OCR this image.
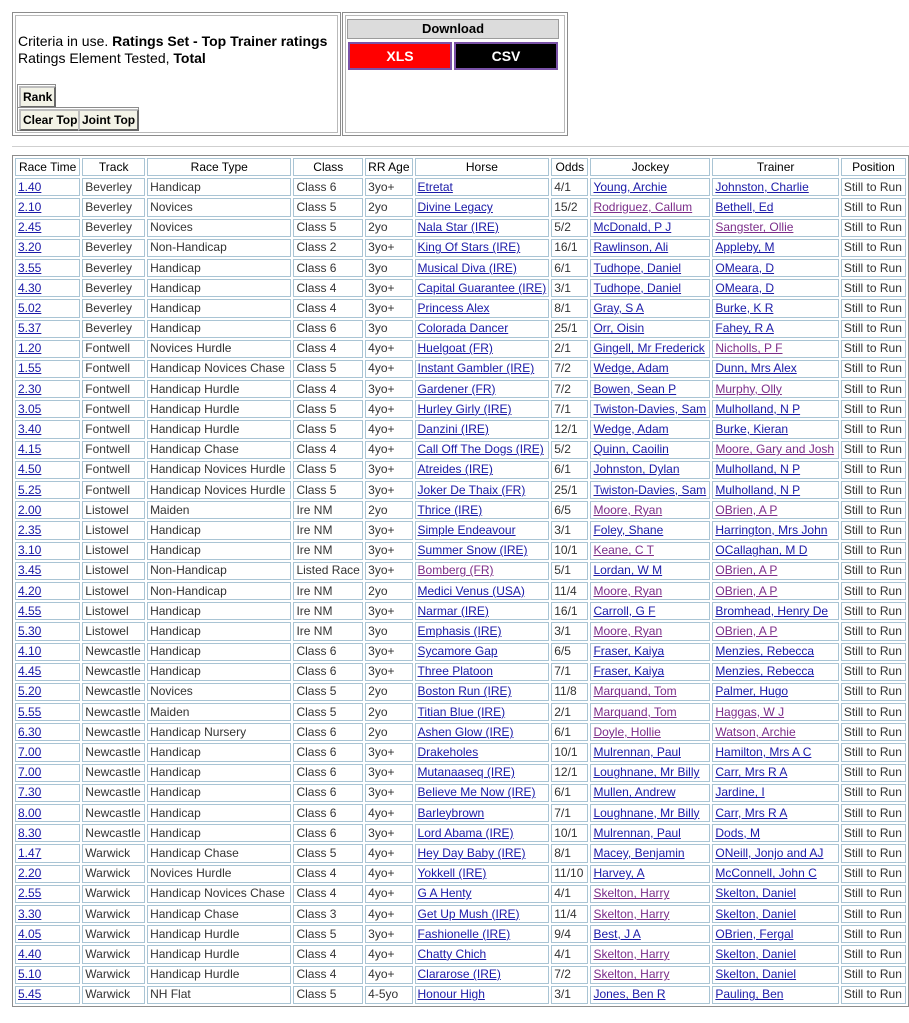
Criteria in use. Ratings Set - Top Trainer ratings
Ratings Element Tested, Total
Rank
Clear Top Joint Top
Download
XLS	CSV
Race Time	Track	Race Type	Class	RR Age	Horse	Odds	Jockey	Trainer	Position
1.40	Beverley	Handicap	Class 6	3yo+	Etretat	4/1	Young, Archie	Johnston, Charlie	Still to Run
2.10	Beverley	Novices	Class 5	2yo	Divine Legacy	15/2	Rodriguez, Callum	Bethell, Ed	Still to Run
2.45	Beverley	Novices	Class 5	2yo	Nala Star (IRE)	5/2	McDonald, P J	Sangster, Ollie	Still to Run
3.20	Beverley	Non-Handicap	Class 2	3yo+	King Of Stars (IRE)	16/1	Rawlinson, Ali	Appleby, M	Still to Run
3.55	Beverley	Handicap	Class 6	3yo	Musical Diva (IRE)	6/1	Tudhope, Daniel	OMeara, D	Still to Run
4.30	Beverley	Handicap	Class 4	3yo+	Capital Guarantee (IRE)	3/1	Tudhope, Daniel	OMeara, D	Still to Run
5.02	Beverley	Handicap	Class 4	3yo+	Princess Alex	8/1	Gray, S A	Burke, K R	Still to Run
5.37	Beverley	Handicap	Class 6	3yo	Colorada Dancer	25/1	Orr, Oisin	Fahey, R A	Still to Run
1.20	Fontwell	Novices Hurdle	Class 4	4yo+	Huelgoat (FR)	2/1	Gingell, Mr Frederick	Nicholls, P F	Still to Run
1.55	Fontwell	Handicap Novices Chase	Class 5	4yo+	Instant Gambler (IRE)	7/2	Wedge, Adam	Dunn, Mrs Alex	Still to Run
2.30	Fontwell	Handicap Hurdle	Class 4	3yo+	Gardener (FR)	7/2	Bowen, Sean P	Murphy, Olly	Still to Run
3.05	Fontwell	Handicap Hurdle	Class 5	4yo+	Hurley Girly (IRE)	7/1	Twiston-Davies, Sam	Mulholland, N P	Still to Run
3.40	Fontwell	Handicap Hurdle	Class 5	4yo+	Danzini (IRE)	12/1	Wedge, Adam	Burke, Kieran	Still to Run
4.15	Fontwell	Handicap Chase	Class 4	4yo+	Call Off The Dogs (IRE)	5/2	Quinn, Caoilin	Moore, Gary and Josh	Still to Run
4.50	Fontwell	Handicap Novices Hurdle	Class 5	3yo+	Atreides (IRE)	6/1	Johnston, Dylan	Mulholland, N P	Still to Run
5.25	Fontwell	Handicap Novices Hurdle	Class 5	3yo+	Joker De Thaix (FR)	25/1	Twiston-Davies, Sam	Mulholland, N P	Still to Run
2.00	Listowel	Maiden	Ire NM	2yo	Thrice (IRE)	6/5	Moore, Ryan	OBrien, A P	Still to Run
2.35	Listowel	Handicap	Ire NM	3yo+	Simple Endeavour	3/1	Foley, Shane	Harrington, Mrs John	Still to Run
3.10	Listowel	Handicap	Ire NM	3yo+	Summer Snow (IRE)	10/1	Keane, C T	OCallaghan, M D	Still to Run
3.45	Listowel	Non-Handicap	Listed Race	3yo+	Bomberg (FR)	5/1	Lordan, W M	OBrien, A P	Still to Run
4.20	Listowel	Non-Handicap	Ire NM	2yo	Medici Venus (USA)	11/4	Moore, Ryan	OBrien, A P	Still to Run
4.55	Listowel	Handicap	Ire NM	3yo+	Narmar (IRE)	16/1	Carroll, G F	Bromhead, Henry De	Still to Run
5.30	Listowel	Handicap	Ire NM	3yo	Emphasis (IRE)	3/1	Moore, Ryan	OBrien, A P	Still to Run
4.10	Newcastle	Handicap	Class 6	3yo+	Sycamore Gap	6/5	Fraser, Kaiya	Menzies, Rebecca	Still to Run
4.45	Newcastle	Handicap	Class 6	3yo+	Three Platoon	7/1	Fraser, Kaiya	Menzies, Rebecca	Still to Run
5.20	Newcastle	Novices	Class 5	2yo	Boston Run (IRE)	11/8	Marquand, Tom	Palmer, Hugo	Still to Run
5.55	Newcastle	Maiden	Class 5	2yo	Titian Blue (IRE)	2/1	Marquand, Tom	Haggas, W J	Still to Run
6.30	Newcastle	Handicap Nursery	Class 6	2yo	Ashen Glow (IRE)	6/1	Doyle, Hollie	Watson, Archie	Still to Run
7.00	Newcastle	Handicap	Class 6	3yo+	Drakeholes	10/1	Mulrennan, Paul	Hamilton, Mrs A C	Still to Run
7.00	Newcastle	Handicap	Class 6	3yo+	Mutanaaseq (IRE)	12/1	Loughnane, Mr Billy	Carr, Mrs R A	Still to Run
7.30	Newcastle	Handicap	Class 6	3yo+	Believe Me Now (IRE)	6/1	Mullen, Andrew	Jardine, I	Still to Run
8.00	Newcastle	Handicap	Class 6	4yo+	Barleybrown	7/1	Loughnane, Mr Billy	Carr, Mrs R A	Still to Run
8.30	Newcastle	Handicap	Class 6	3yo+	Lord Abama (IRE)	10/1	Mulrennan, Paul	Dods, M	Still to Run
1.47	Warwick	Handicap Chase	Class 5	4yo+	Hey Day Baby (IRE)	8/1	Macey, Benjamin	ONeill, Jonjo and AJ	Still to Run
2.20	Warwick	Novices Hurdle	Class 4	4yo+	Yokkell (IRE)	11/10	Harvey, A	McConnell, John C	Still to Run
2.55	Warwick	Handicap Novices Chase	Class 4	4yo+	G A Henty	4/1	Skelton, Harry	Skelton, Daniel	Still to Run
3.30	Warwick	Handicap Chase	Class 3	4yo+	Get Up Mush (IRE)	11/4	Skelton, Harry	Skelton, Daniel	Still to Run
4.05	Warwick	Handicap Hurdle	Class 5	3yo+	Fashionelle (IRE)	9/4	Best, J A	OBrien, Fergal	Still to Run
4.40	Warwick	Handicap Hurdle	Class 4	4yo+	Chatty Chich	4/1	Skelton, Harry	Skelton, Daniel	Still to Run
5.10	Warwick	Handicap Hurdle	Class 4	4yo+	Clararose (IRE)	7/2	Skelton, Harry	Skelton, Daniel	Still to Run
5.45	Warwick	NH Flat	Class 5	4-5yo	Honour High	3/1	Jones, Ben R	Pauling, Ben	Still to Run
